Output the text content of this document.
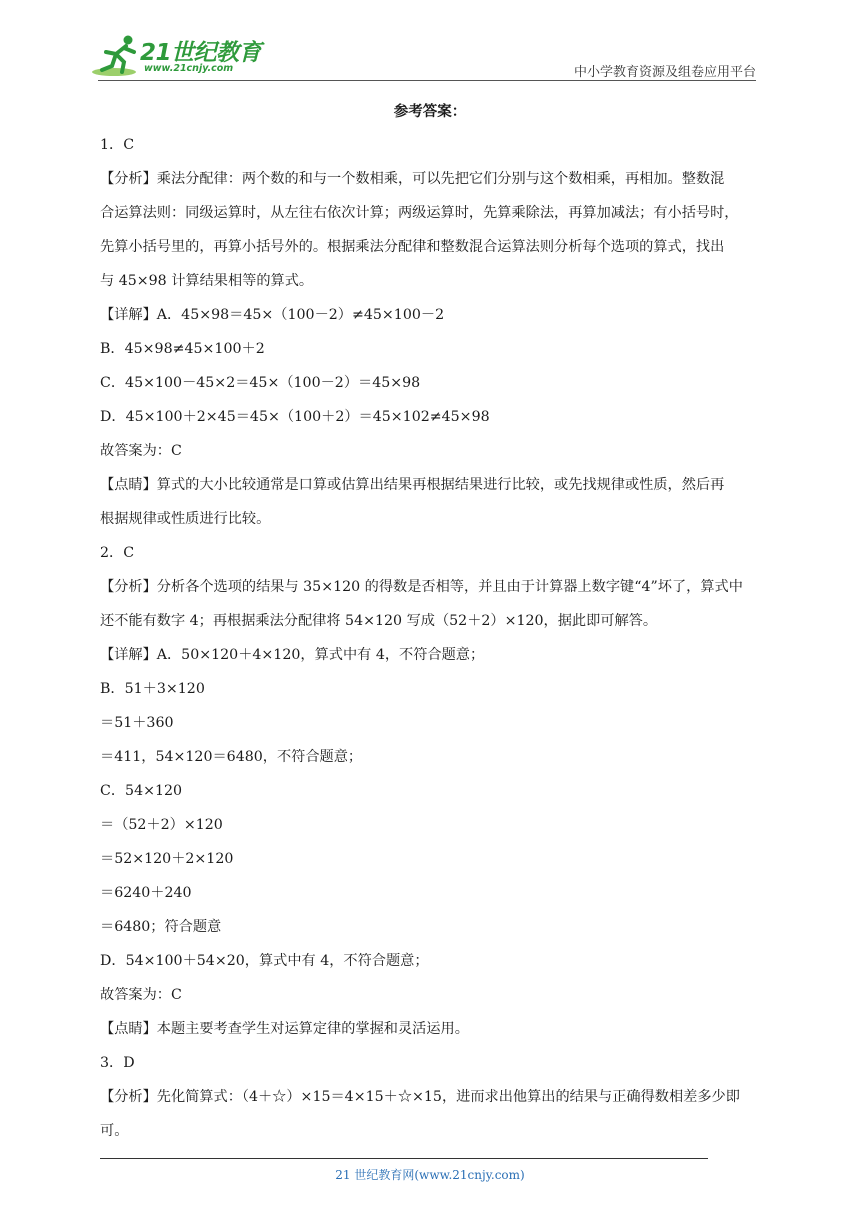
21世纪教育
www.21cnjy.com	中小学教育资源及组卷应用平台
参考答案：
1．C
【分析】乘法分配律：两个数的和与一个数相乘，可以先把它们分别与这个数相乘，再相加。整数混
合运算法则：同级运算时，从左往右依次计算；两级运算时，先算乘除法，再算加减法；有小括号时，
先算小括号里的，再算小括号外的。根据乘法分配律和整数混合运算法则分析每个选项的算式，找出
与 45×98 计算结果相等的算式。
【详解】A．45×98＝45×（100－2）≠45×100－2
B．45×98≠45×100＋2
C．45×100－45×2＝45×（100－2）＝45×98
D．45×100＋2×45＝45×（100＋2）＝45×102≠45×98
故答案为：C
【点睛】算式的大小比较通常是口算或估算出结果再根据结果进行比较，或先找规律或性质，然后再
根据规律或性质进行比较。
2．C
【分析】分析各个选项的结果与 35×120 的得数是否相等，并且由于计算器上数字键“4”坏了，算式中
还不能有数字 4；再根据乘法分配律将 54×120 写成（52＋2）×120，据此即可解答。
【详解】A．50×120＋4×120，算式中有 4，不符合题意；
B．51＋3×120
＝51＋360
＝411，54×120＝6480，不符合题意；
C．54×120
＝（52＋2）×120
＝52×120＋2×120
＝6240＋240
＝6480；符合题意
D．54×100＋54×20，算式中有 4，不符合题意；
故答案为：C
【点睛】本题主要考查学生对运算定律的掌握和灵活运用。
3．D
【分析】先化简算式：（4＋☆）×15＝4×15＋☆×15，进而求出他算出的结果与正确得数相差多少即
可。
21 世纪教育网(www.21cnjy.com)
